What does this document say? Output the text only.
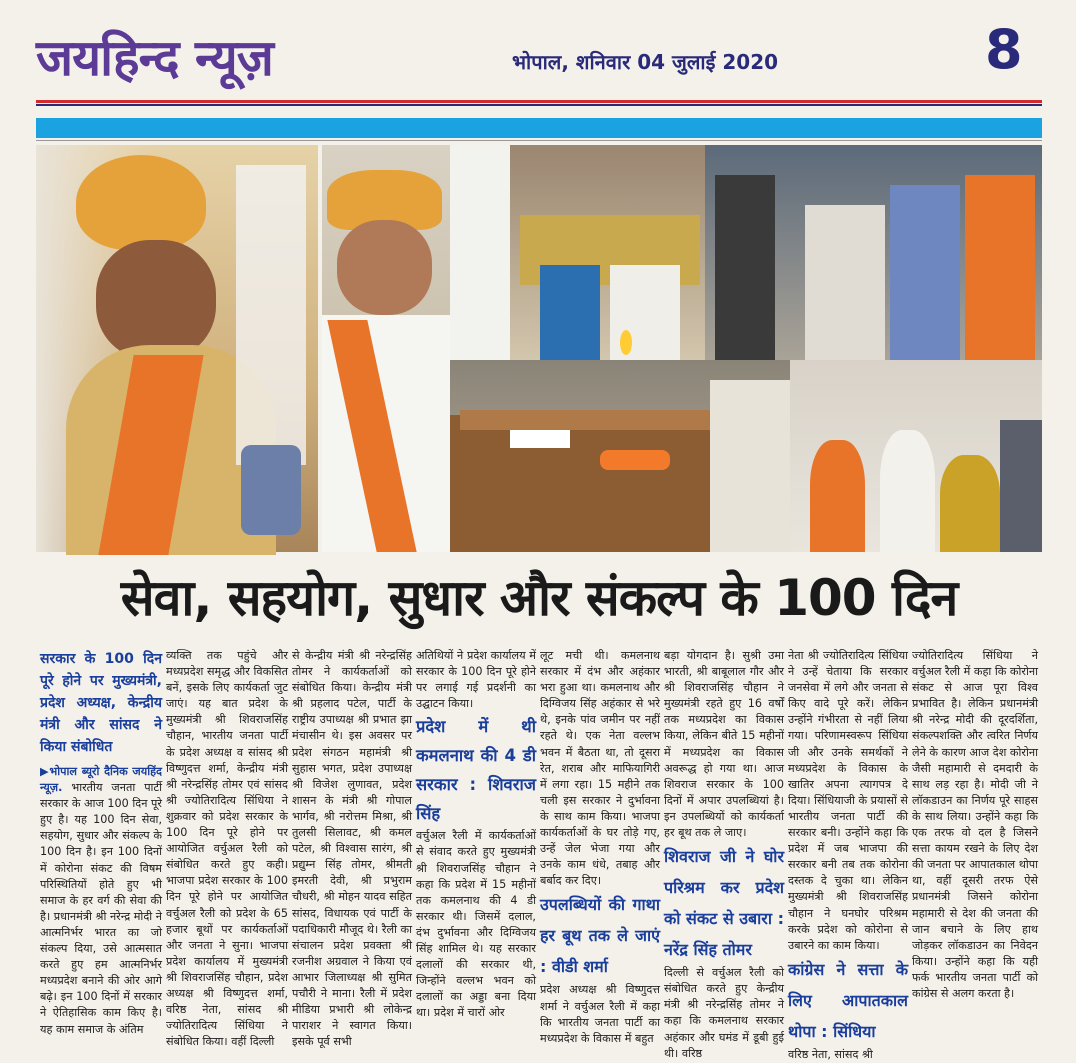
जयहिन्द न्यूज़	भोपाल, शनिवार 04 जुलाई 2020	8
सेवा, सहयोग, सुधार और संकल्प के 100 दिन

सरकार के 100 दिन पूरे होने पर मुख्यमंत्री, प्रदेश अध्यक्ष, केन्द्रीय मंत्री और सांसद ने किया संबोधित

▶भोपाल ब्यूरो दैनिक जयहिंद न्यूज़. भारतीय जनता पार्टी सरकार के आज 100 दिन पूरे हुए है। यह 100 दिन सेवा, सहयोग, सुधार और संकल्प के 100 दिन है। इन 100 दिनों में कोरोना संकट की विषम परिस्थितियों होते हुए भी समाज के हर वर्ग की सेवा की है। प्रधानमंत्री श्री नरेन्द्र मोदी ने आत्मनिर्भर भारत का जो संकल्प दिया, उसे आत्मसात करते हुए हम आत्मनिर्भर मध्यप्रदेश बनाने की ओर आगे बढ़े। इन 100 दिनों में सरकार ने ऐतिहासिक काम किए है। यह काम समाज के अंतिम

व्यक्ति तक पहुंचे और मध्यप्रदेश समृद्ध और विकसित बनें, इसके लिए कार्यकर्ता जुट जाएं। यह बात प्रदेश के मुख्यमंत्री श्री शिवराजसिंह चौहान, भारतीय जनता पार्टी के प्रदेश अध्यक्ष व सांसद श्री विष्णुदत्त शर्मा, केन्द्रीय मंत्री श्री नरेन्द्रसिंह तोमर एवं सांसद श्री ज्योतिरादित्य सिंधिया ने शुक्रवार को प्रदेश सरकार के 100 दिन पूरे होने पर आयोजित वर्चुअल रैली को संबोधित करते हुए कही। भाजपा प्रदेश सरकार के 100 दिन पूरे होने पर आयोजित वर्चुअल रैली को प्रदेश के 65 हजार बूथों पर कार्यकर्ताओं और जनता ने सुना। भाजपा प्रदेश कार्यालय में मुख्यमंत्री श्री शिवराजसिंह चौहान, प्रदेश अध्यक्ष श्री विष्णुदत्त शर्मा, वरिष्ठ नेता, सांसद श्री ज्योतिरादित्य सिंधिया ने संबोधित किया। वहीं दिल्ली

से केन्द्रीय मंत्री श्री नरेन्द्रसिंह तोमर ने कार्यकर्ताओं को संबोधित किया। केन्द्रीय मंत्री श्री प्रहलाद पटेल, पार्टी के राष्ट्रीय उपाध्यक्ष श्री प्रभात झा मंचासीन थे। इस अवसर पर प्रदेश संगठन महामंत्री श्री सुहास भगत, प्रदेश उपाध्यक्ष श्री विजेश लुणावत, प्रदेश शासन के मंत्री श्री गोपाल भार्गव, श्री नरोत्तम मिश्रा, श्री तुलसी सिलावट, श्री कमल पटेल, श्री विश्वास सारंग, श्री प्रद्युम्न सिंह तोमर, श्रीमती इमरती देवी, श्री प्रभुराम चौधरी, श्री मोहन यादव सहित सांसद, विधायक एवं पार्टी के पदाधिकारी मौजूद थे। रैली का संचालन प्रदेश प्रवक्ता श्री रजनीश अग्रवाल ने किया एवं आभार जिलाध्यक्ष श्री सुमित पचौरी ने माना। रैली में प्रदेश मीडिया प्रभारी श्री लोकेन्द्र पाराशर ने स्वागत किया। इसके पूर्व सभी

अतिथियों ने प्रदेश कार्यालय में सरकार के 100 दिन पूरे होने पर लगाई गई प्रदर्शनी का उद्घाटन किया।

प्रदेश में थी कमलनाथ की 4 डी सरकार : शिवराज सिंह

वर्चुअल रैली में कार्यकर्ताओं से संवाद करते हुए मुख्यमंत्री श्री शिवराजसिंह चौहान ने कहा कि प्रदेश में 15 महीनों तक कमलनाथ की 4 डी सरकार थी। जिसमें दलाल, दंभ दुर्भावना और दिग्विजय सिंह शामिल थे। यह सरकार दलालों की सरकार थी, जिन्होंने वल्लभ भवन को दलालों का अड्डा बना दिया था। प्रदेश में चारों ओर

लूट मची थी। कमलनाथ सरकार में दंभ और अहंकार भरा हुआ था। कमलनाथ और दिग्विजय सिंह अहंकार से भरे थे, इनके पांव जमीन पर नहीं रहते थे। एक नेता वल्लभ भवन में बैठता था, तो दूसरा रेत, शराब और माफियागिरी में लगा रहा। 15 महीने तक चली इस सरकार ने दुर्भावना के साथ काम किया। भाजपा कार्यकर्ताओं के घर तोड़े गए, उन्हें जेल भेजा गया और उनके काम धंधे, तबाह और बर्बाद कर दिए।

उपलब्धियों की गाथा हर बूथ तक ले जाएं : वीडी शर्मा

प्रदेश अध्यक्ष श्री विष्णुदत्त शर्मा ने वर्चुअल रैली में कहा कि भारतीय जनता पार्टी का मध्यप्रदेश के विकास में बहुत

बड़ा योगदान है। सुश्री उमा भारती, श्री बाबूलाल गौर और श्री शिवराजसिंह चौहान ने मुख्यमंत्री रहते हुए 16 वर्षों तक मध्यप्रदेश का विकास किया, लेकिन बीते 15 महीनों में मध्यप्रदेश का विकास अवरूद्ध हो गया था। आज शिवराज सरकार के 100 दिनों में अपार उपलब्धियां है। इन उपलब्धियों को कार्यकर्ता हर बूथ तक ले जाए।

शिवराज जी ने घोर परिश्रम कर प्रदेश को संकट से उबारा : नरेंद्र सिंह तोमर

दिल्ली से वर्चुअल रैली को संबोधित करते हुए केन्द्रीय मंत्री श्री नरेन्द्रसिंह तोमर ने कहा कि कमलनाथ सरकार अहंकार और घमंड में डूबी हुई थी। वरिष्ठ

नेता श्री ज्योतिरादित्य सिंधिया ने उन्हें चेताया कि सरकार जनसेवा में लगे और जनता से किए वादे पूरे करें। लेकिन उन्होंने गंभीरता से नहीं लिया गया। परिणामस्वरूप सिंधिया जी और उनके समर्थकों ने मध्यप्रदेश के विकास के खातिर अपना त्यागपत्र दे दिया। सिंधियाजी के प्रयासों से भारतीय जनता पार्टी की सरकार बनी। उन्होंने कहा कि प्रदेश में जब भाजपा की सरकार बनी तब तक कोरोना दस्तक दे चुका था। लेकिन मुख्यमंत्री श्री शिवराजसिंह चौहान ने घनघोर परिश्रम करके प्रदेश को कोरोना से उबारने का काम किया।

कांग्रेस ने सत्ता के लिए आपातकाल थोपा : सिंधिया

वरिष्ठ नेता, सांसद श्री

ज्योतिरादित्य सिंधिया ने वर्चुअल रैली में कहा कि कोरोना संकट से आज पूरा विश्व प्रभावित है। लेकिन प्रधानमंत्री श्री नरेन्द्र मोदी की दूरदर्शिता, संकल्पशक्ति और त्वरित निर्णय लेने के कारण आज देश कोरोना जैसी महामारी से दमदारी के साथ लड़ रहा है। मोदी जी ने लॉकडाउन का निर्णय पूरे साहस के साथ लिया। उन्होंने कहा कि एक तरफ वो दल है जिसने सत्ता कायम रखने के लिए देश की जनता पर आपातकाल थोपा था, वहीं दूसरी तरफ ऐसे प्रधानमंत्री जिसने कोरोना महामारी से देश की जनता की जान बचाने के लिए हाथ जोड़कर लॉकडाउन का निवेदन किया। उन्होंने कहा कि यही फर्क भारतीय जनता पार्टी को कांग्रेस से अलग करता है।
